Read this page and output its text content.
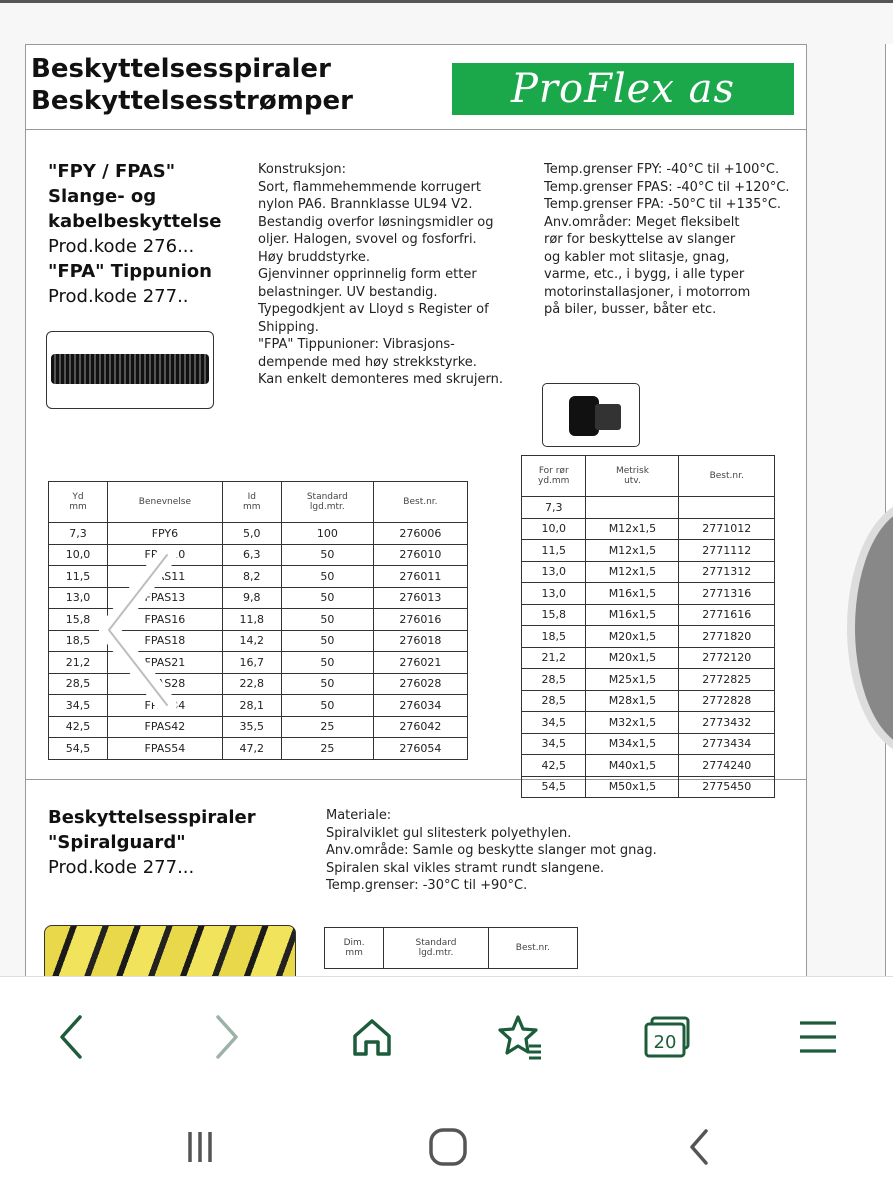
Beskyttelsesspiraler
Beskyttelsesstrømper	ProFlex as
"FPY / FPAS"
Slange- og
kabelbeskyttelse
Prod.kode 276...
"FPA" Tippunion
Prod.kode 277..
Konstruksjon:
Sort, flammehemmende korrugert
nylon PA6. Brannklasse UL94 V2.
Bestandig overfor løsningsmidler og
oljer. Halogen, svovel og fosforfri.
Høy bruddstyrke.
Gjenvinner opprinnelig form etter
belastninger. UV bestandig.
Typegodkjent av Lloyd s Register of
Shipping.
"FPA" Tippunioner: Vibrasjons-
dempende med høy strekkstyrke.
Kan enkelt demonteres med skrujern.
Temp.grenser FPY: -40°C til +100°C.
Temp.grenser FPAS: -40°C til +120°C.
Temp.grenser FPA: -50°C til +135°C.
Anv.områder: Meget fleksibelt
rør for beskyttelse av slanger
og kabler mot slitasje, gnag,
varme, etc., i bygg, i alle typer
motorinstallasjoner, i motorrom
på biler, busser, båter etc.
Yd
mm	Benevnelse	Id
mm	Standard
lgd.mtr.	Best.nr.
7,3	FPY6	5,0	100	276006
10,0	FPAS10	6,3	50	276010
11,5	FPAS11	8,2	50	276011
13,0	FPAS13	9,8	50	276013
15,8	FPAS16	11,8	50	276016
18,5	FPAS18	14,2	50	276018
21,2	FPAS21	16,7	50	276021
28,5	FPAS28	22,8	50	276028
34,5	FPAS34	28,1	50	276034
42,5	FPAS42	35,5	25	276042
54,5	FPAS54	47,2	25	276054
For rør
yd.mm	Metrisk
utv.	Best.nr.
7,3		
10,0	M12x1,5	2771012
11,5	M12x1,5	2771112
13,0	M12x1,5	2771312
13,0	M16x1,5	2771316
15,8	M16x1,5	2771616
18,5	M20x1,5	2771820
21,2	M20x1,5	2772120
28,5	M25x1,5	2772825
28,5	M28x1,5	2772828
34,5	M32x1,5	2773432
34,5	M34x1,5	2773434
42,5	M40x1,5	2774240
54,5	M50x1,5	2775450
Beskyttelsesspiraler
"Spiralguard"
Prod.kode 277...
Materiale:
Spiralviklet gul slitesterk polyethylen.
Anv.område: Samle og beskytte slanger mot gnag.
Spiralen skal vikles stramt rundt slangene.
Temp.grenser: -30°C til +90°C.
Dim.
mm	Standard
lgd.mtr.	Best.nr.
20
